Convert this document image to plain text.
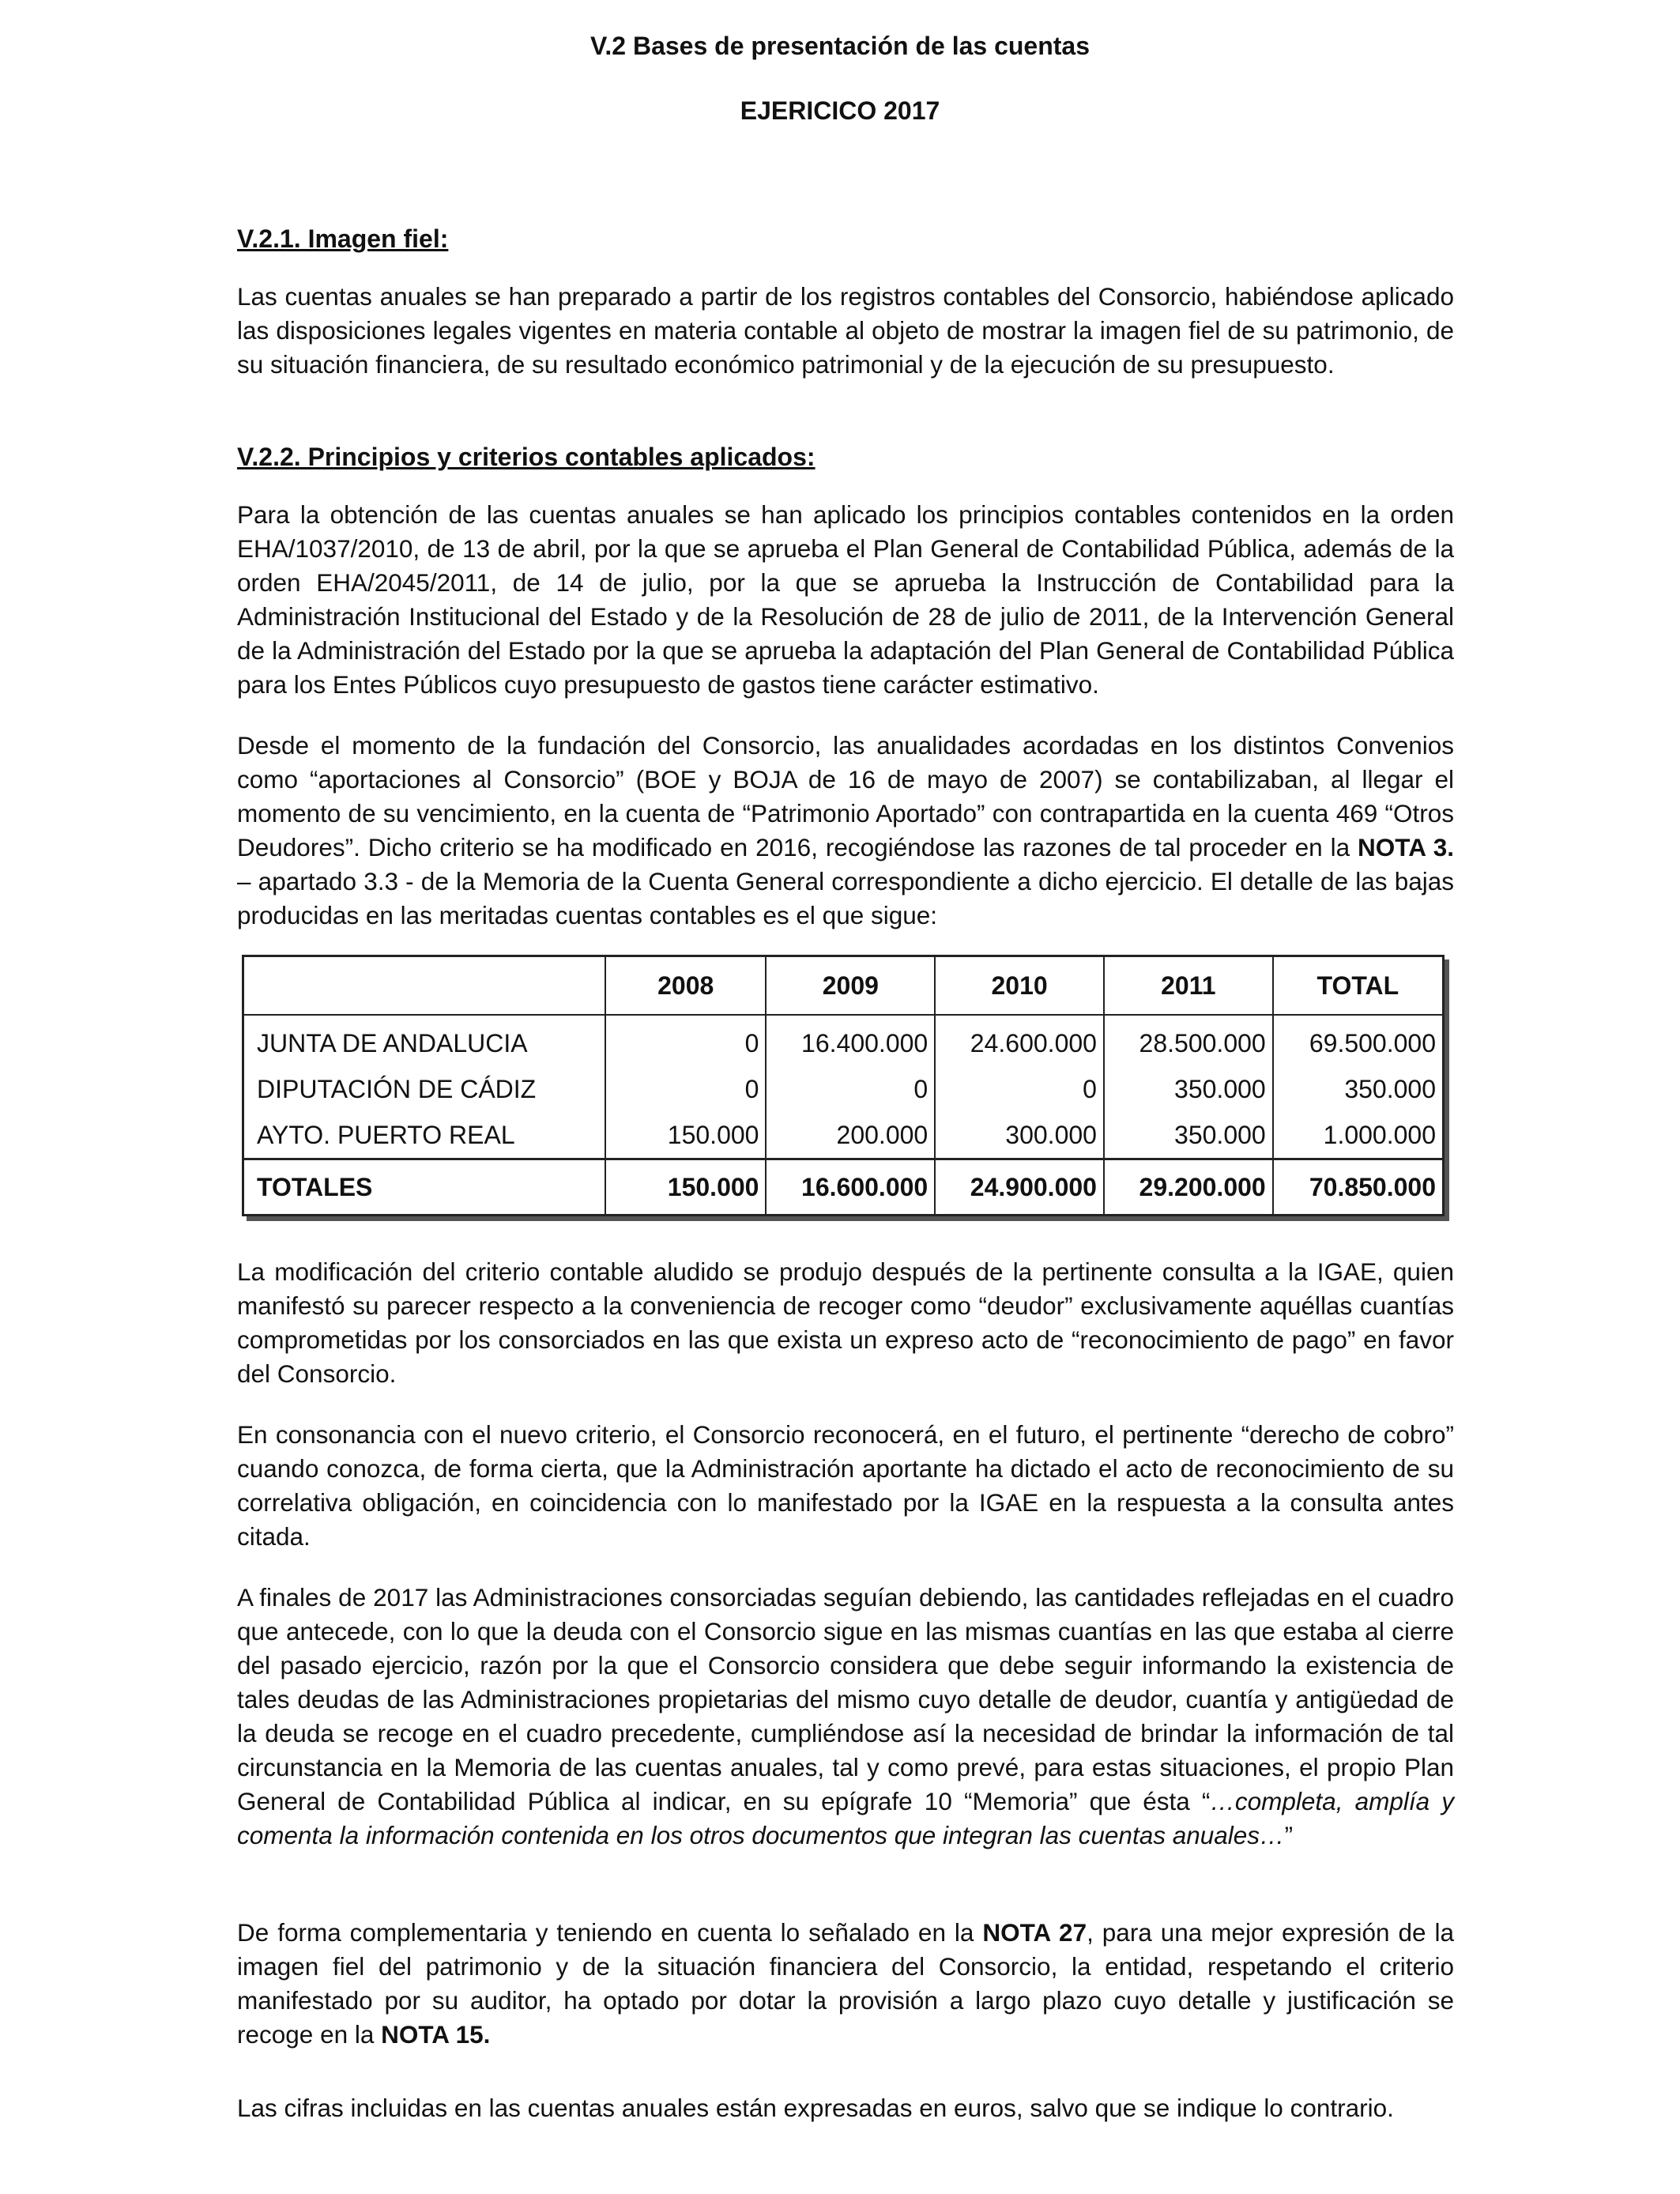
V.2 Bases de presentación de las cuentas
EJERICICO 2017
V.2.1. Imagen fiel:
Las cuentas anuales se han preparado a partir de los registros contables del Consorcio, habiéndose aplicado las disposiciones legales vigentes en materia contable al objeto de mostrar la imagen fiel de su patrimonio, de su situación financiera, de su resultado económico patrimonial y de la ejecución de su presupuesto.
V.2.2. Principios y criterios contables aplicados:
Para la obtención de las cuentas anuales se han aplicado los principios contables contenidos en la orden EHA/1037/2010, de 13 de abril, por la que se aprueba el Plan General de Contabilidad Pública, además de la orden EHA/2045/2011, de 14 de julio, por la que se aprueba la Instrucción de Contabilidad para la Administración Institucional del Estado y de la Resolución de 28 de julio de 2011, de la Intervención General de la Administración del Estado por la que se aprueba la adaptación del Plan General de Contabilidad Pública para los Entes Públicos cuyo presupuesto de gastos tiene carácter estimativo.
Desde el momento de la fundación del Consorcio, las anualidades acordadas en los distintos Convenios como “aportaciones al Consorcio” (BOE y BOJA de 16 de mayo de 2007) se contabilizaban, al llegar el momento de su vencimiento, en la cuenta de “Patrimonio Aportado” con contrapartida en la cuenta 469 “Otros Deudores”. Dicho criterio se ha modificado en 2016, recogiéndose las razones de tal proceder en la NOTA 3. – apartado 3.3 - de la Memoria de la Cuenta General correspondiente a dicho ejercicio. El detalle de las bajas producidas en las meritadas cuentas contables es el que sigue:
	2008	2009	2010	2011	TOTAL
JUNTA DE ANDALUCIA	0	16.400.000	24.600.000	28.500.000	69.500.000
DIPUTACIÓN DE CÁDIZ	0	0	0	350.000	350.000
AYTO. PUERTO REAL	150.000	200.000	300.000	350.000	1.000.000
TOTALES	150.000	16.600.000	24.900.000	29.200.000	70.850.000
La modificación del criterio contable aludido se produjo después de la pertinente consulta a la IGAE, quien manifestó su parecer respecto a la conveniencia de recoger como “deudor” exclusivamente aquéllas cuantías comprometidas por los consorciados en las que exista un expreso acto de “reconocimiento de pago” en favor del Consorcio.
En consonancia con el nuevo criterio, el Consorcio reconocerá, en el futuro, el pertinente “derecho de cobro” cuando conozca, de forma cierta, que la Administración aportante ha dictado el acto de reconocimiento de su correlativa obligación, en coincidencia con lo manifestado por la IGAE en la respuesta a la consulta antes citada.
A finales de 2017 las Administraciones consorciadas seguían debiendo, las cantidades reflejadas en el cuadro que antecede, con lo que la deuda con el Consorcio sigue en las mismas cuantías en las que estaba al cierre del pasado ejercicio, razón por la que el Consorcio considera que debe seguir informando la existencia de tales deudas de las Administraciones propietarias del mismo cuyo detalle de deudor, cuantía y antigüedad de la deuda se recoge en el cuadro precedente, cumpliéndose así la necesidad de brindar la información de tal circunstancia en la Memoria de las cuentas anuales, tal y como prevé, para estas situaciones, el propio Plan General de Contabilidad Pública al indicar, en su epígrafe 10 “Memoria” que ésta “…completa, amplía y comenta la información contenida en los otros documentos que integran las cuentas anuales…”
De forma complementaria y teniendo en cuenta lo señalado en la NOTA 27, para una mejor expresión de la imagen fiel del patrimonio y de la situación financiera del Consorcio, la entidad, respetando el criterio manifestado por su auditor, ha optado por dotar la provisión a largo plazo cuyo detalle y justificación se recoge en la NOTA 15.
Las cifras incluidas en las cuentas anuales están expresadas en euros, salvo que se indique lo contrario.
